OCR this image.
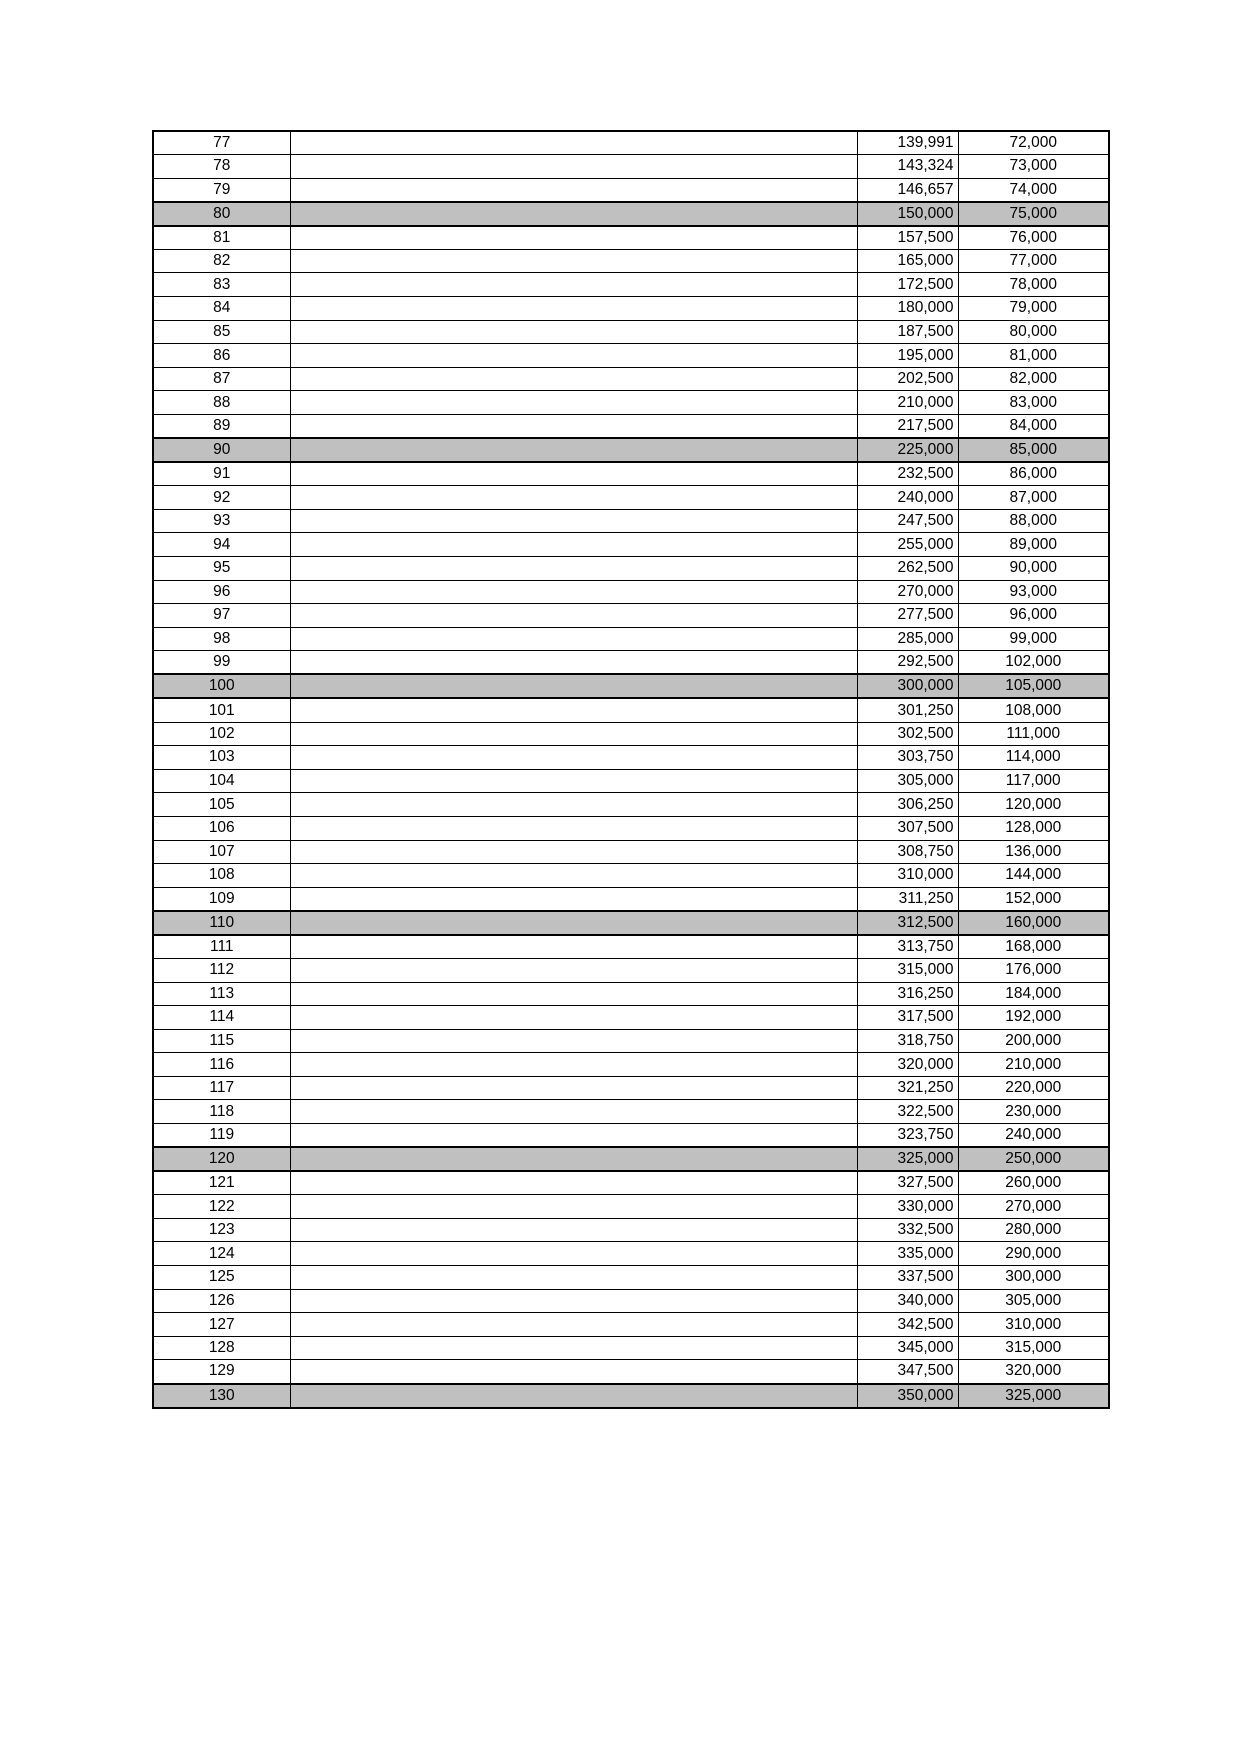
77		139,991	72,000
78		143,324	73,000
79		146,657	74,000
80		150,000	75,000
81		157,500	76,000
82		165,000	77,000
83		172,500	78,000
84		180,000	79,000
85		187,500	80,000
86		195,000	81,000
87		202,500	82,000
88		210,000	83,000
89		217,500	84,000
90		225,000	85,000
91		232,500	86,000
92		240,000	87,000
93		247,500	88,000
94		255,000	89,000
95		262,500	90,000
96		270,000	93,000
97		277,500	96,000
98		285,000	99,000
99		292,500	102,000
100		300,000	105,000
101		301,250	108,000
102		302,500	111,000
103		303,750	114,000
104		305,000	117,000
105		306,250	120,000
106		307,500	128,000
107		308,750	136,000
108		310,000	144,000
109		311,250	152,000
110		312,500	160,000
111		313,750	168,000
112		315,000	176,000
113		316,250	184,000
114		317,500	192,000
115		318,750	200,000
116		320,000	210,000
117		321,250	220,000
118		322,500	230,000
119		323,750	240,000
120		325,000	250,000
121		327,500	260,000
122		330,000	270,000
123		332,500	280,000
124		335,000	290,000
125		337,500	300,000
126		340,000	305,000
127		342,500	310,000
128		345,000	315,000
129		347,500	320,000
130		350,000	325,000
